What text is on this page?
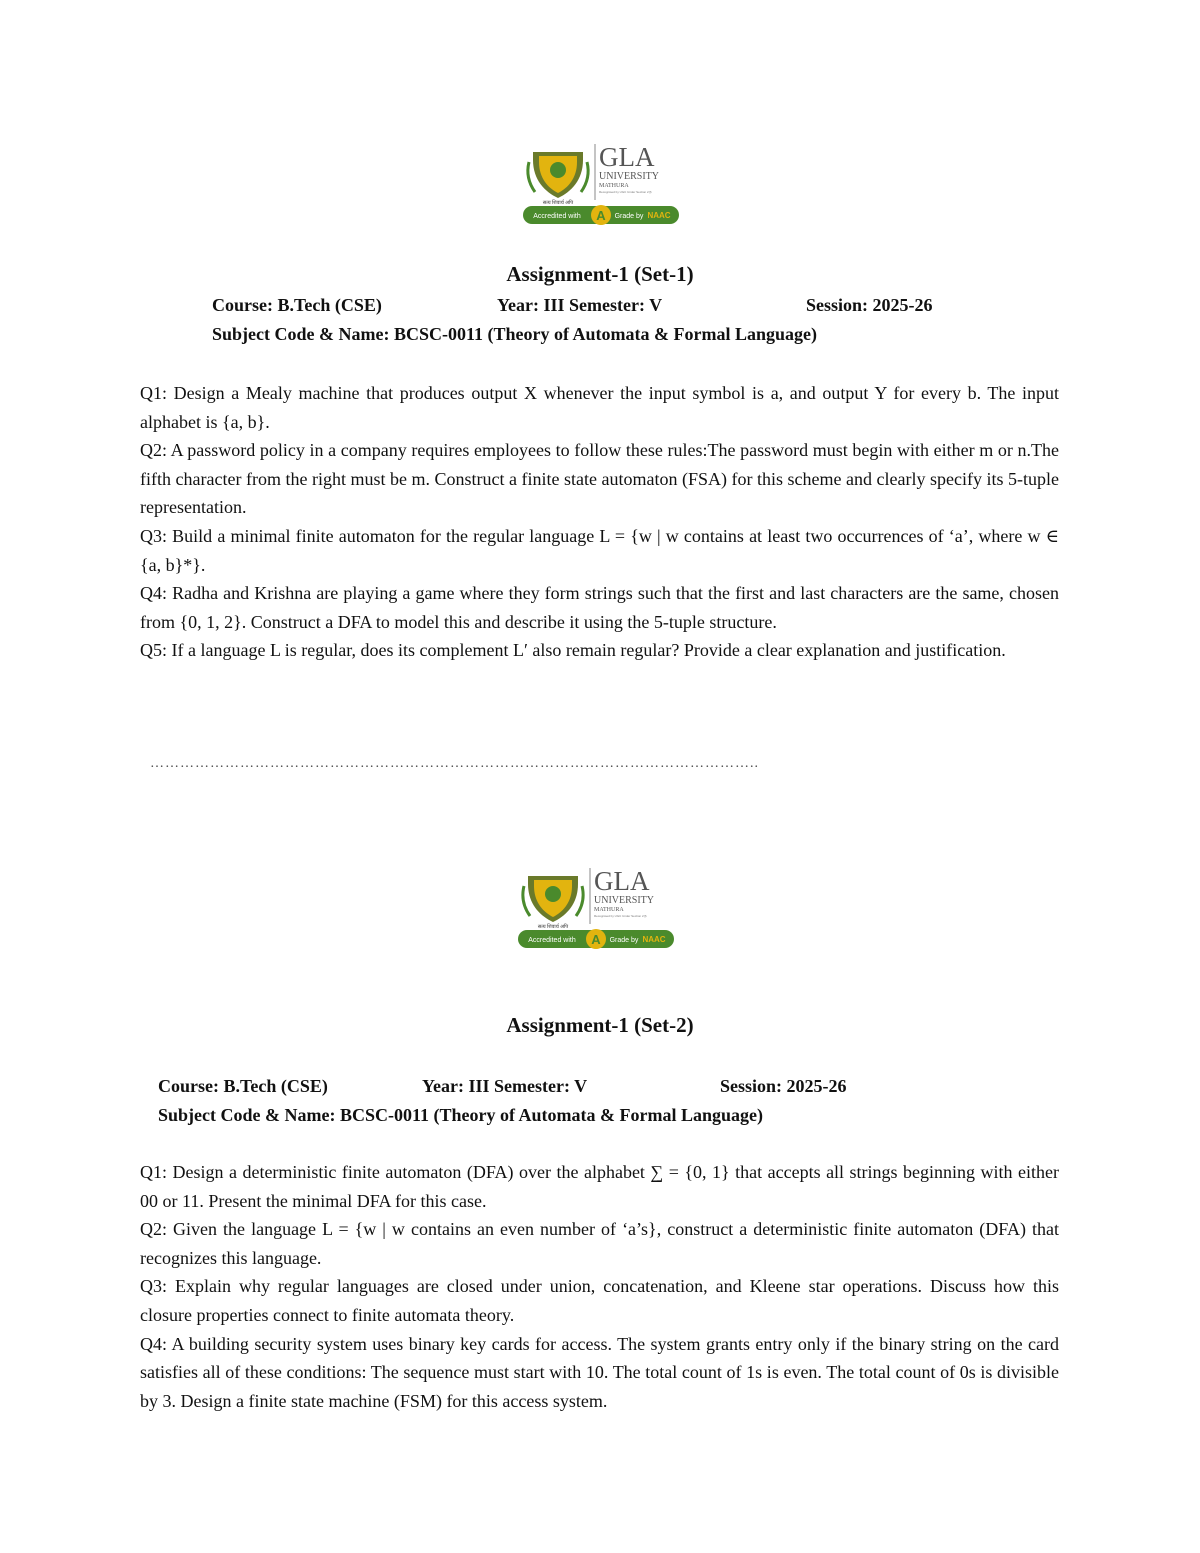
सत्य शिवार्थ अपि
GLA
UNIVERSITY
MATHURA
Recognised by UGC Under Section 2(f)
Accredited with A Grade by NAAC
Assignment-1 (Set-1)
Course: B.Tech (CSE)	Year: III Semester: V	Session: 2025-26
Subject Code & Name: BCSC-0011 (Theory of Automata & Formal Language)

Q1: Design a Mealy machine that produces output X whenever the input symbol is a, and output Y for every b. The input alphabet is {a, b}.

Q2: A password policy in a company requires employees to follow these rules:The password must begin with either m or n.The fifth character from the right must be m. Construct a finite state automaton (FSA) for this scheme and clearly specify its 5-tuple representation.

Q3: Build a minimal finite automaton for the regular language L = {w | w contains at least two occurrences of ‘a’, where w ∈ {a, b}*}.

Q4: Radha and Krishna are playing a game where they form strings such that the first and last characters are the same, chosen from {0, 1, 2}. Construct a DFA to model this and describe it using the 5-tuple structure.

Q5: If a language L is regular, does its complement L′ also remain regular? Provide a clear explanation and justification.

…………………………………………………………………………………………………………..
सत्य शिवार्थ अपि
GLA
UNIVERSITY
MATHURA
Recognised by UGC Under Section 2(f)
Accredited with A Grade by NAAC
Assignment-1 (Set-2)
Course: B.Tech (CSE)	Year: III Semester: V	Session: 2025-26
Subject Code & Name: BCSC-0011 (Theory of Automata & Formal Language)

Q1: Design a deterministic finite automaton (DFA) over the alphabet ∑ = {0, 1} that accepts all strings beginning with either 00 or 11. Present the minimal DFA for this case.

Q2: Given the language L = {w | w contains an even number of ‘a’s}, construct a deterministic finite automaton (DFA) that recognizes this language.

Q3: Explain why regular languages are closed under union, concatenation, and Kleene star operations. Discuss how this closure properties connect to finite automata theory.

Q4: A building security system uses binary key cards for access. The system grants entry only if the binary string on the card satisfies all of these conditions: The sequence must start with 10. The total count of 1s is even. The total count of 0s is divisible by 3. Design a finite state machine (FSM) for this access system.
